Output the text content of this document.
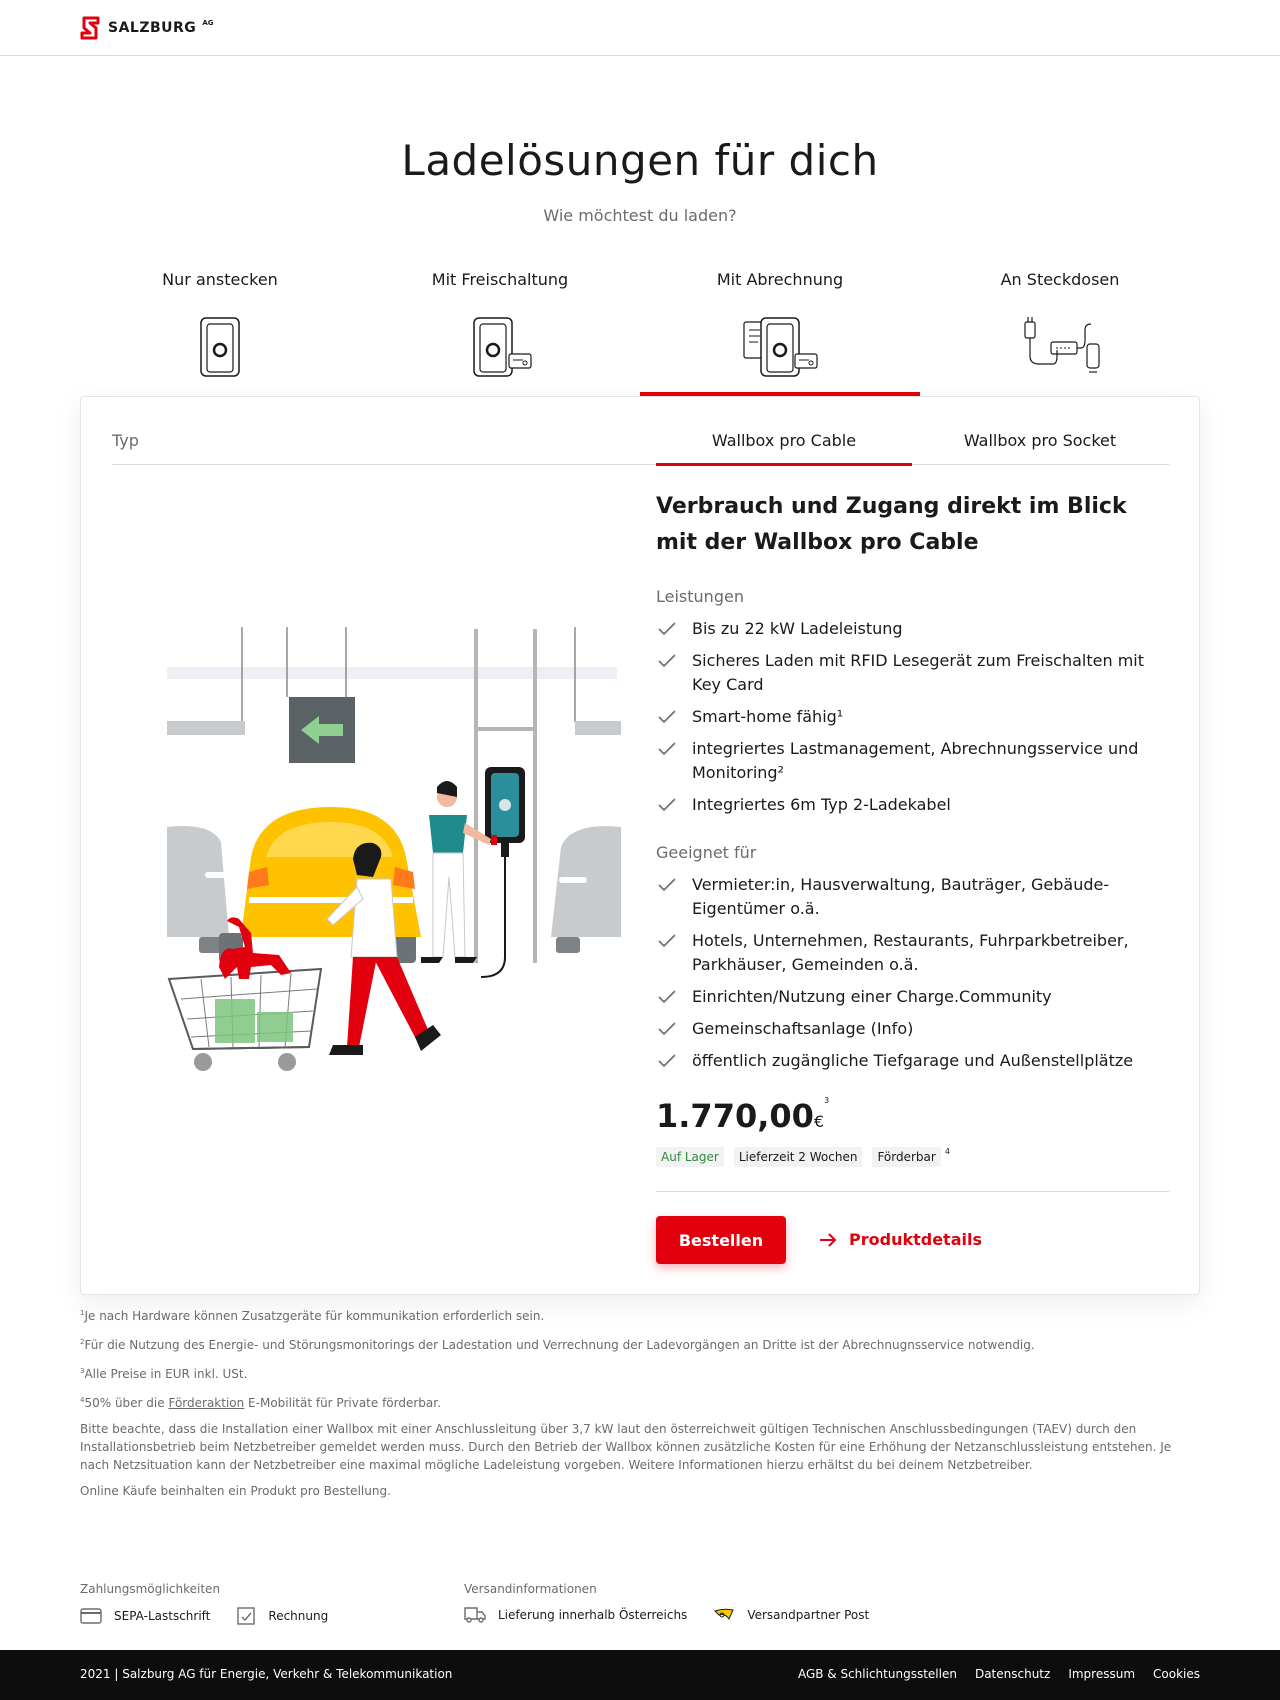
SALZBURG AG
Ladelösungen für dich
Wie möchtest du laden?
Nur anstecken	Mit Freischaltung	Mit Abrechnung	An Steckdosen
Typ	Wallbox pro Cable	Wallbox pro Socket
Verbrauch und Zugang direkt im Blick mit der Wallbox pro Cable
Leistungen
Bis zu 22 kW Ladeleistung
Sicheres Laden mit RFID Lesegerät zum Freischalten mit Key Card
Smart-home fähig¹
integriertes Lastmanagement, Abrechnungsservice und Monitoring²
Integriertes 6m Typ 2-Ladekabel
Geeignet für
Vermieter:in, Hausverwaltung, Bauträger, Gebäude-Eigentümer o.ä.
Hotels, Unternehmen, Restaurants, Fuhrparkbetreiber, Parkhäuser, Gemeinden o.ä.
Einrichten/Nutzung einer Charge.Community
Gemeinschaftsanlage (Info)
öffentlich zugängliche Tiefgarage und Außenstellplätze
1.770,00€$^3$
Auf Lager	Lieferzeit 2 Wochen	Förderbar	$^4$
Bestellen	Produktdetails

$^1$Je nach Hardware können Zusatzgeräte für kommunikation erforderlich sein.

$^2$Für die Nutzung des Energie- und Störungsmonitorings der Ladestation und Verrechnung der Ladevorgängen an Dritte ist der Abrechnugnsservice notwendig.

$^3$Alle Preise in EUR inkl. USt.

$^4$50% über die Förderaktion E-Mobilität für Private förderbar.

Bitte beachte, dass die Installation einer Wallbox mit einer Anschlussleitung über 3,7 kW laut den österreichweit gültigen Technischen Anschlussbedingungen (TAEV) durch den Installationsbetrieb beim Netzbetreiber gemeldet werden muss. Durch den Betrieb der Wallbox können zusätzliche Kosten für eine Erhöhung der Netzanschlussleistung entstehen. Je nach Netzsituation kann der Netzbetreiber eine maximal mögliche Ladeleistung vorgeben. Weitere Informationen hierzu erhältst du bei deinem Netzbetreiber.

Online Käufe beinhalten ein Produkt pro Bestellung.

Zahlungsmöglichkeiten
SEPA-Lastschrift	Rechnung
Versandinformationen
Lieferung innerhalb Österreichs	Versandpartner Post
2021 | Salzburg AG für Energie, Verkehr & Telekommunikation	AGB & Schlichtungsstellen Datenschutz Impressum Cookies
